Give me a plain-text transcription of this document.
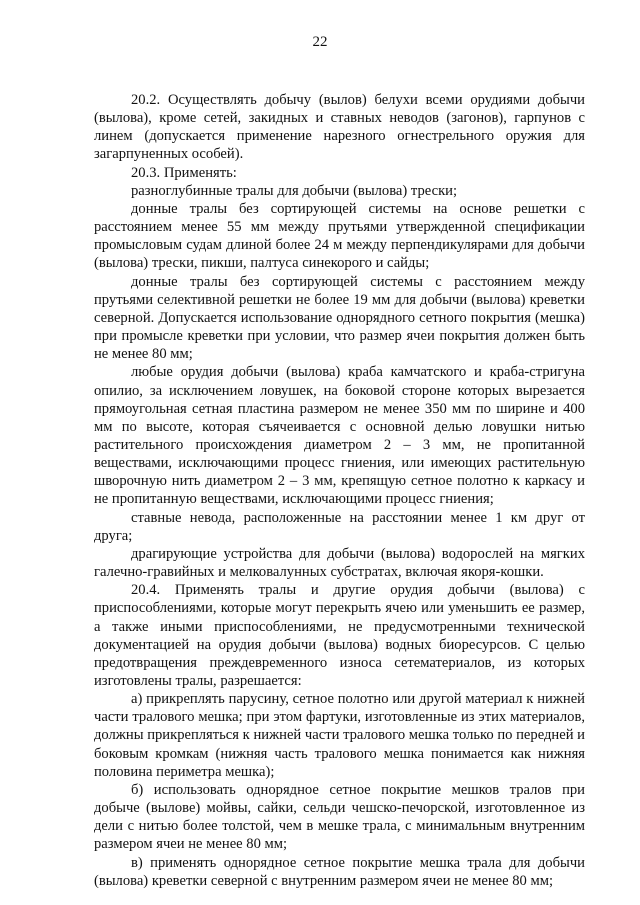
22

20.2. Осуществлять добычу (вылов) белухи всеми орудиями добычи (вылова), кроме сетей, закидных и ставных неводов (загонов), гарпунов с линем (допускается применение нарезного огнестрельного оружия для загарпуненных особей).

20.3. Применять:

разноглубинные тралы для добычи (вылова) трески;

донные тралы без сортирующей системы на основе решетки с расстоянием менее 55 мм между прутьями утвержденной спецификации промысловым судам длиной более 24 м между перпендикулярами для добычи (вылова) трески, пикши, палтуса синекорого и сайды;

донные тралы без сортирующей системы с расстоянием между прутьями селективной решетки не более 19 мм для добычи (вылова) креветки северной. Допускается использование однорядного сетного покрытия (мешка) при промысле креветки при условии, что размер ячеи покрытия должен быть не менее 80 мм;

любые орудия добычи (вылова) краба камчатского и краба-стригуна опилио, за исключением ловушек, на боковой стороне которых вырезается прямоугольная сетная пластина размером не менее 350 мм по ширине и 400 мм по высоте, которая съячеивается с основной делью ловушки нитью растительного происхождения диаметром 2 – 3 мм, не пропитанной веществами, исключающими процесс гниения, или имеющих растительную шворочную нить диаметром 2 – 3 мм, крепящую сетное полотно к каркасу и не пропитанную веществами, исключающими процесс гниения;

ставные невода, расположенные на расстоянии менее 1 км друг от друга;

драгирующие устройства для добычи (вылова) водорослей на мягких галечно-гравийных и мелковалунных субстратах, включая якоря-кошки.

20.4. Применять тралы и другие орудия добычи (вылова) с приспособлениями, которые могут перекрыть ячею или уменьшить ее размер, а также иными приспособлениями, не предусмотренными технической документацией на орудия добычи (вылова) водных биоресурсов. С целью предотвращения преждевременного износа сетематериалов, из которых изготовлены тралы, разрешается:

а) прикреплять парусину, сетное полотно или другой материал к нижней части тралового мешка; при этом фартуки, изготовленные из этих материалов, должны прикрепляться к нижней части тралового мешка только по передней и боковым кромкам (нижняя часть тралового мешка понимается как нижняя половина периметра мешка);

б) использовать однорядное сетное покрытие мешков тралов при добыче (вылове) мойвы, сайки, сельди чешско-печорской, изготовленное из дели с нитью более толстой, чем в мешке трала, с минимальным внутренним размером ячеи не менее 80 мм;

в) применять однорядное сетное покрытие мешка трала для добычи (вылова) креветки северной с внутренним размером ячеи не менее 80 мм;
